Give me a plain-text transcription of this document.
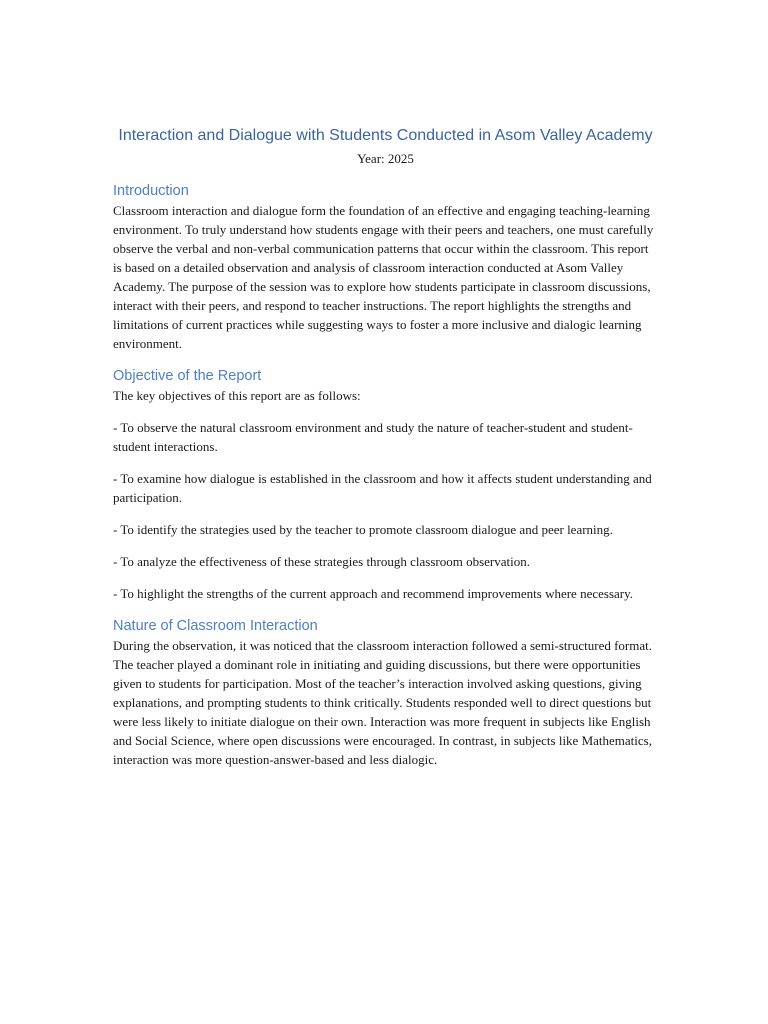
Interaction and Dialogue with Students Conducted in Asom Valley Academy

Year: 2025

Introduction

Classroom interaction and dialogue form the foundation of an effective and engaging teaching-learning environment. To truly understand how students engage with their peers and teachers, one must carefully observe the verbal and non-verbal communication patterns that occur within the classroom. This report is based on a detailed observation and analysis of classroom interaction conducted at Asom Valley Academy. The purpose of the session was to explore how students participate in classroom discussions, interact with their peers, and respond to teacher instructions. The report highlights the strengths and limitations of current practices while suggesting ways to foster a more inclusive and dialogic learning environment.

Objective of the Report

The key objectives of this report are as follows:

- To observe the natural classroom environment and study the nature of teacher-student and student-student interactions.

- To examine how dialogue is established in the classroom and how it affects student understanding and participation.

- To identify the strategies used by the teacher to promote classroom dialogue and peer learning.

- To analyze the effectiveness of these strategies through classroom observation.

- To highlight the strengths of the current approach and recommend improvements where necessary.

Nature of Classroom Interaction

During the observation, it was noticed that the classroom interaction followed a semi-structured format. The teacher played a dominant role in initiating and guiding discussions, but there were opportunities given to students for participation. Most of the teacher’s interaction involved asking questions, giving explanations, and prompting students to think critically. Students responded well to direct questions but were less likely to initiate dialogue on their own. Interaction was more frequent in subjects like English and Social Science, where open discussions were encouraged. In contrast, in subjects like Mathematics, interaction was more question-answer-based and less dialogic.
